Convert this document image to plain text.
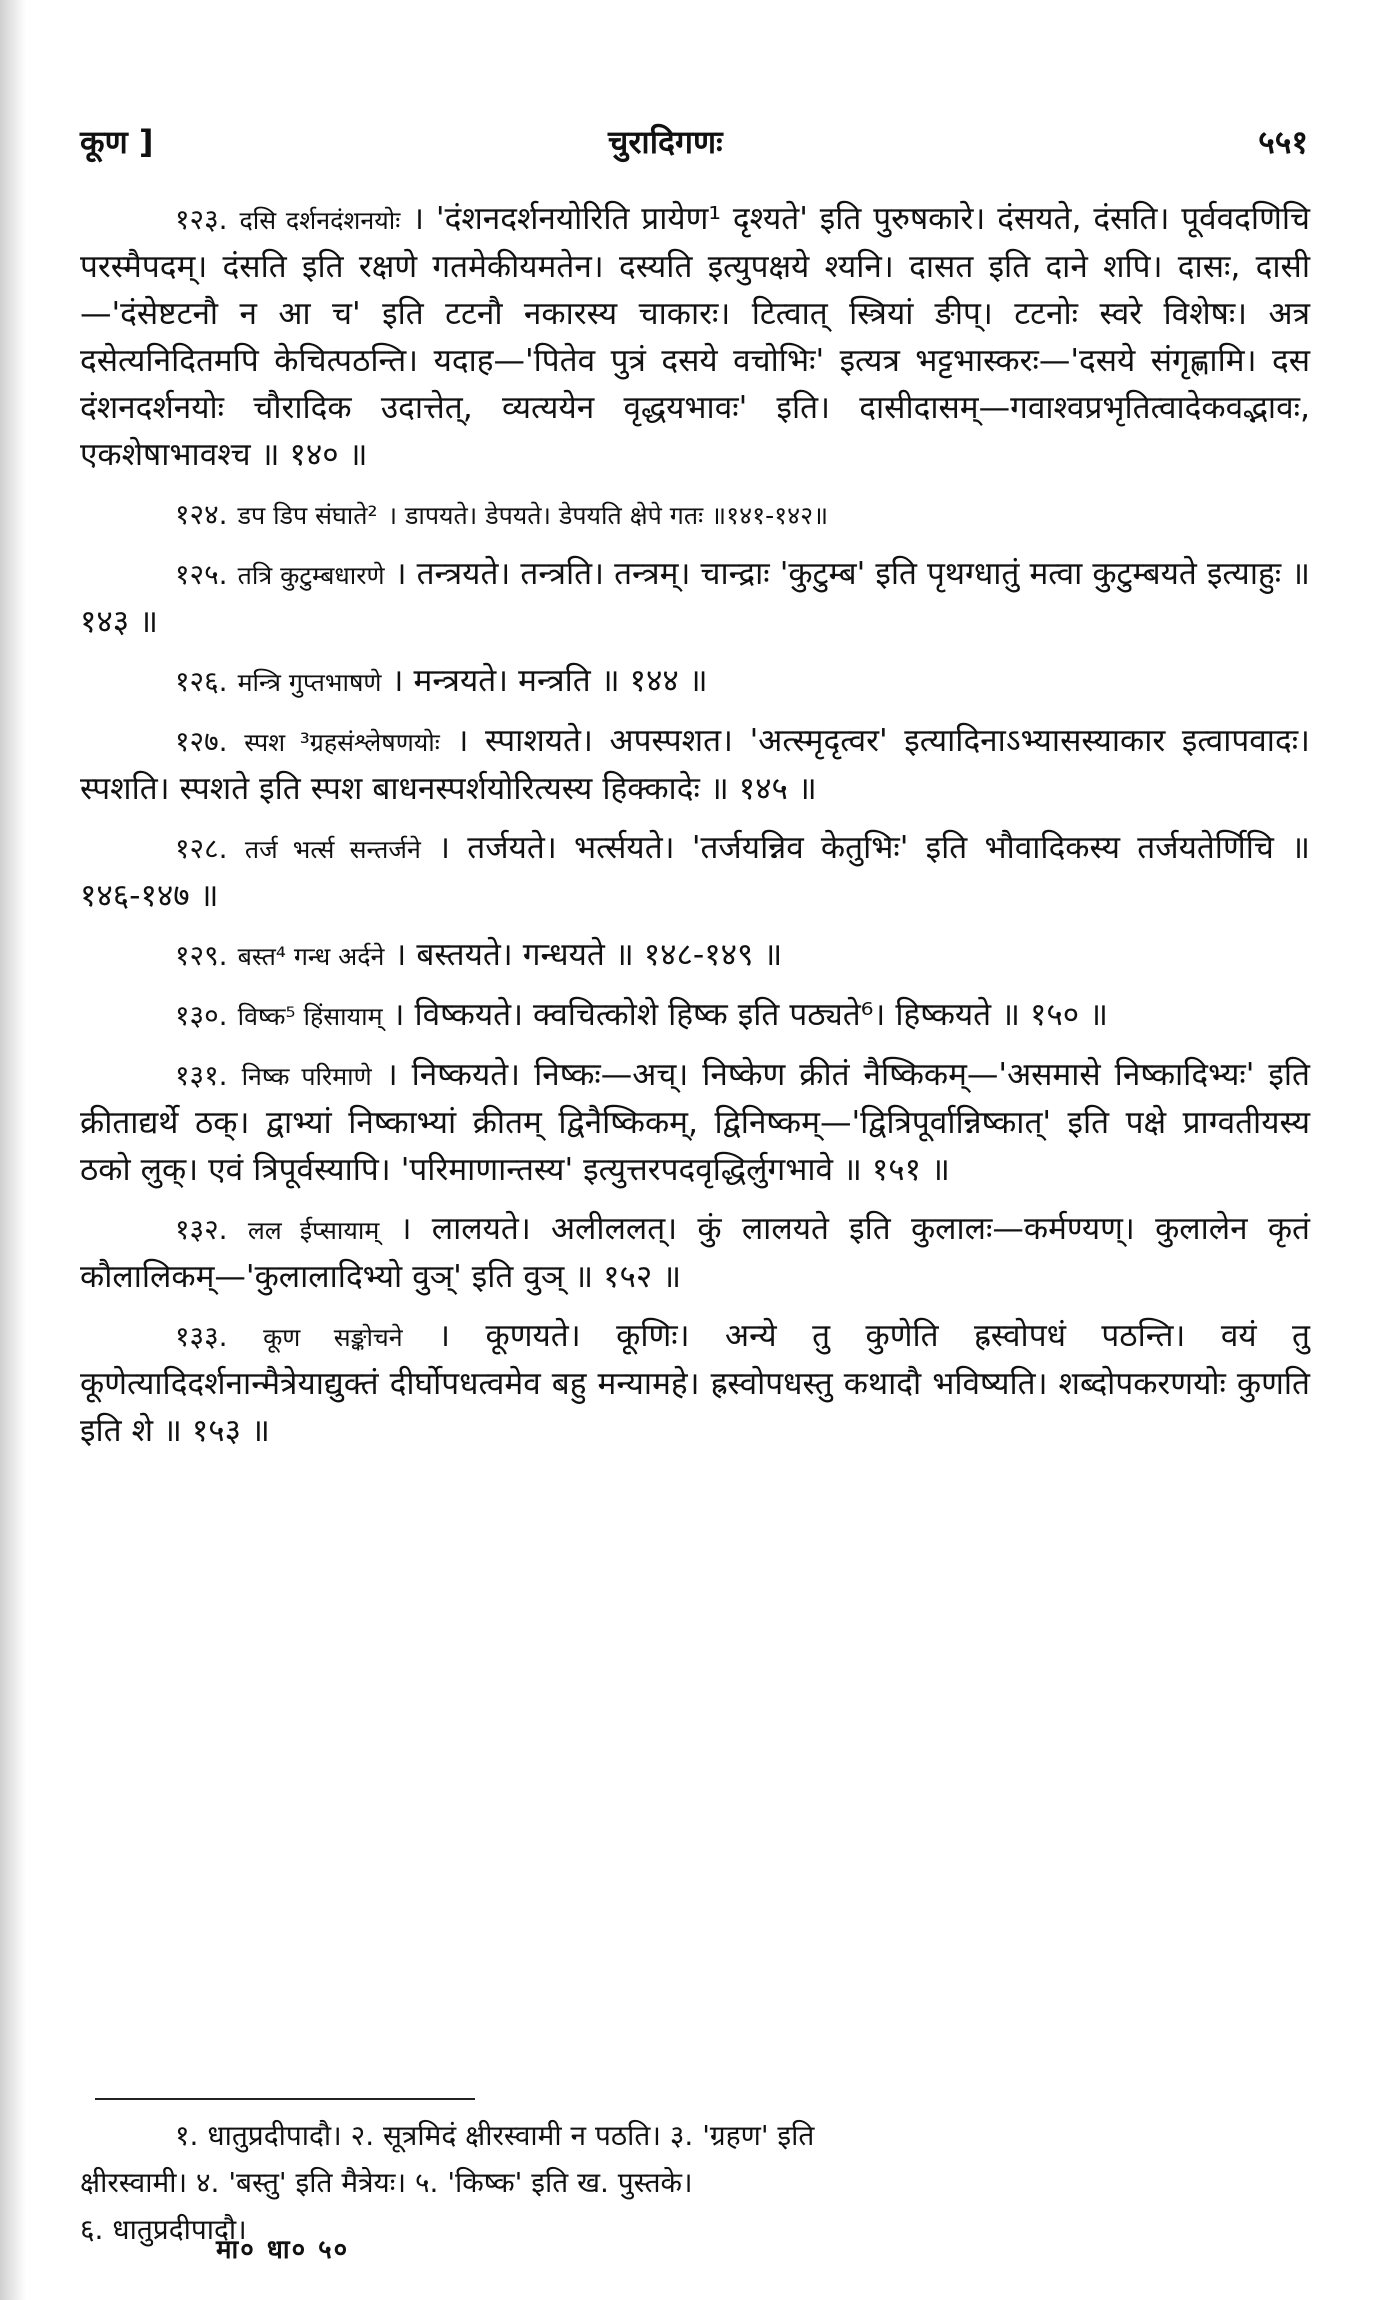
कूण ]	चुरादिगणः	५५१

१२३. दसि दर्शनदंशनयोः । 'दंशनदर्शनयोरिति प्रायेण¹ दृश्यते' इति पुरुषकारे। दंसयते, दंसति। पूर्ववदणिचि परस्मैपदम्। दंसति इति रक्षणे गतमेकीयमतेन। दस्यति इत्युपक्षये श्यनि। दासत इति दाने शपि। दासः, दासी—'दंसेष्टटनौ न आ च' इति टटनौ नकारस्य चाकारः। टित्वात् स्त्रियां ङीप्। टटनोः स्वरे विशेषः। अत्र दसेत्यनिदितमपि केचित्पठन्ति। यदाह—'पितेव पुत्रं दसये वचोभिः' इत्यत्र भट्टभास्करः—'दसये संगृह्णामि। दस दंशनदर्शनयोः चौरादिक उदात्तेत्, व्यत्ययेन वृद्धयभावः' इति। दासीदासम्—गवाश्वप्रभृतित्वादेकवद्भावः, एकशेषाभावश्च ॥ १४० ॥

१२४. डप डिप संघाते² । डापयते। डेपयते। डेपयति क्षेपे गतः ॥१४१-१४२॥

१२५. तत्रि कुटुम्बधारणे । तन्त्रयते। तन्त्रति। तन्त्रम्। चान्द्राः 'कुटुम्ब' इति पृथग्धातुं मत्वा कुटुम्बयते इत्याहुः ॥ १४३ ॥

१२६. मन्त्रि गुप्तभाषणे । मन्त्रयते। मन्त्रति ॥ १४४ ॥

१२७. स्पश ³ग्रहसंश्लेषणयोः । स्पाशयते। अपस्पशत। 'अत्स्मृदृत्वर' इत्यादिनाऽभ्यासस्याकार इत्वापवादः। स्पशति। स्पशते इति स्पश बाधनस्पर्शयोरित्यस्य हिक्कादेः ॥ १४५ ॥

१२८. तर्ज भर्त्स सन्तर्जने । तर्जयते। भर्त्सयते। 'तर्जयन्निव केतुभिः' इति भौवादिकस्य तर्जयतेर्णिचि ॥ १४६-१४७ ॥

१२९. बस्त⁴ गन्ध अर्दने । बस्तयते। गन्धयते ॥ १४८-१४९ ॥

१३०. विष्क⁵ हिंसायाम् । विष्कयते। क्वचित्कोशे हिष्क इति पठ्यते⁶। हिष्कयते ॥ १५० ॥

१३१. निष्क परिमाणे । निष्कयते। निष्कः—अच्। निष्केण क्रीतं नैष्किकम्—'असमासे निष्कादिभ्यः' इति क्रीताद्यर्थे ठक्। द्वाभ्यां निष्काभ्यां क्रीतम् द्विनैष्किकम्, द्विनिष्कम्—'द्वित्रिपूर्वान्निष्कात्' इति पक्षे प्राग्वतीयस्य ठको लुक्। एवं त्रिपूर्वस्यापि। 'परिमाणान्तस्य' इत्युत्तरपदवृद्धिर्लुगभावे ॥ १५१ ॥

१३२. लल ईप्सायाम् । लालयते। अलीललत्। कुं लालयते इति कुलालः—कर्मण्यण्। कुलालेन कृतं कौलालिकम्—'कुलालादिभ्यो वुञ्' इति वुञ् ॥ १५२ ॥

१३३. कूण सङ्कोचने । कूणयते। कूणिः। अन्ये तु कुणेति ह्रस्वोपधं पठन्ति। वयं तु कूणेत्यादिदर्शनान्मैत्रेयाद्युक्तं दीर्घोपधत्वमेव बहु मन्यामहे। ह्रस्वोपधस्तु कथादौ भविष्यति। शब्दोपकरणयोः कुणति इति शे ॥ १५३ ॥

१. धातुप्रदीपादौ। २. सूत्रमिदं क्षीरस्वामी न पठति। ३. 'ग्रहण' इति

क्षीरस्वामी। ४. 'बस्तु' इति मैत्रेयः। ५. 'किष्क' इति ख. पुस्तके।

६. धातुप्रदीपादौ।

मा० धा० ५०
